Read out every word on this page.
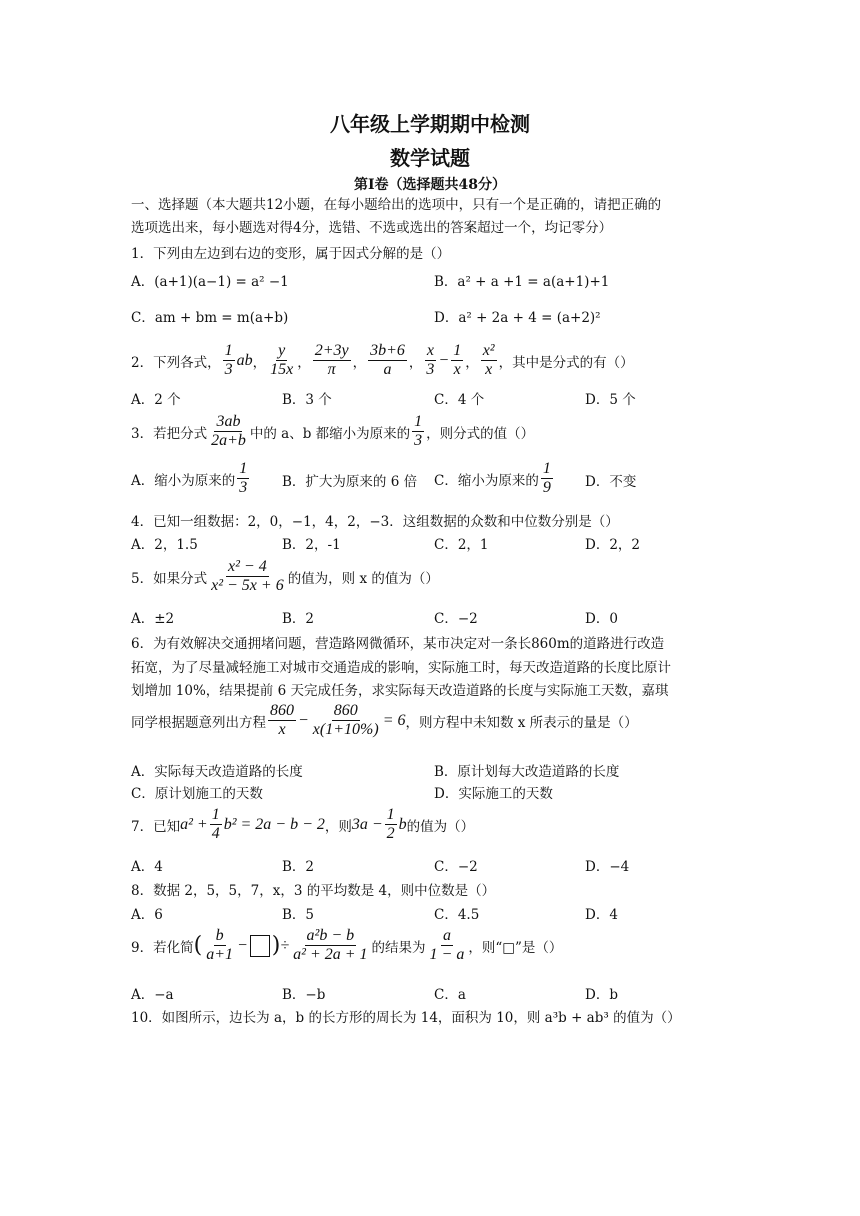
八年级上学期期中检测
数学试题
第Ⅰ卷（选择题共48分）
一、选择题（本大题共12小题，在每小题给出的选项中，只有一个是正确的，请把正确的
选项选出来，每小题选对得4分，选错、不选或选出的答案超过一个，均记零分）
1．下列由左边到右边的变形，属于因式分解的是（）
A．(a+1)(a−1) = a² −1	B．a² + a +1 = a(a+1)+1
C．am + bm = m(a+b)	D．a² + 2a + 4 = (a+2)²
2．下列各式， $\frac{1}{3}$ ab ， $\frac{y}{15x}$ ， $\frac{2+3y}{\pi}$ ， $\frac{3b+6}{a}$ ， $\frac{x}{3} - \frac{1}{x}$ ， $\frac{\text{x²}}{x}$ ，其中是分式的有（）
A．2 个	B．3 个	C．4 个	D．5 个
3．若把分式 $\frac{3ab}{2a+b}$ 中的 a、b 都缩小为原来的 $\frac{1}{3}$ ，则分式的值（）
A．缩小为原来的 $\frac{1}{3}$ B．扩大为原来的 6 倍 C．缩小为原来的 $\frac{1}{9}$ D．不变
4．已知一组数据：2，0，−1，4，2，−3．这组数据的众数和中位数分别是（）
A．2，1.5	B．2，-1	C．2，1	D．2，2
5．如果分式 $\frac{\text{x² − 4}}{\text{x² − 5x + 6}}$ 的值为，则 x 的值为（）
A．±2	B．2	C．−2	D．0
6．为有效解决交通拥堵问题，营造路网微循环，某市决定对一条长860m的道路进行改造
拓宽，为了尽量减轻施工对城市交通造成的影响，实际施工时，每天改造道路的长度比原计
划增加 10%，结果提前 6 天完成任务，求实际每天改造道路的长度与实际施工天数，嘉琪
同学根据题意列出方程 $\frac{860}{x} - \frac{860}{x(1+10\%)} = 6$ ，则方程中未知数 x 所表示的量是（）
A．实际每天改造道路的长度	B．原计划每大改造道路的长度
C．原计划施工的天数	D．实际施工的天数
7．已知 $a^2 + \frac{1}{4} b^2 = 2a - b - 2$ ，则 $3a - \frac{1}{2}$ b 的值为（）
A．4	B．2	C．−2	D．−4
8．数据 2，5，5，7，x，3 的平均数是 4，则中位数是（）
A．6	B．5	C．4.5	D．4
9．若化简 ( $\frac{b}{a+1}$ − ) ÷ $\frac{\text{a²b − b}}{\text{a² + 2a + 1}}$ 的结果为 $\frac{a}{1 - a}$ ，则“□”是（）
A．−a	B．−b	C．a	D．b
10．如图所示，边长为 a，b 的长方形的周长为 14，面积为 10，则 a³b + ab³ 的值为（）
